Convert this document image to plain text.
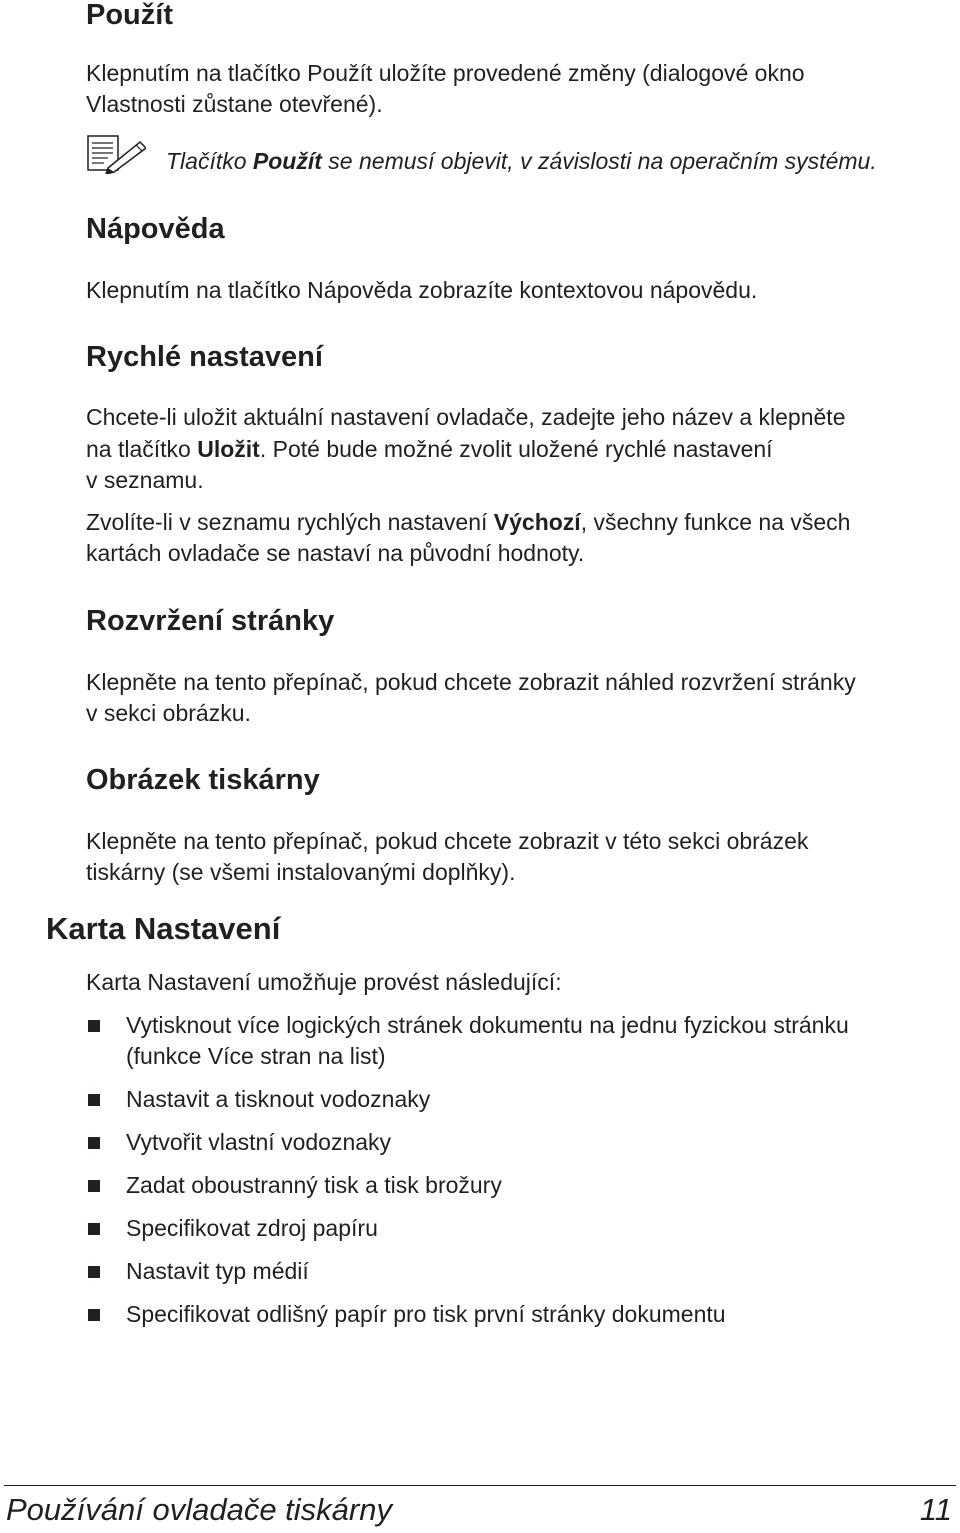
Použít

Klepnutím na tlačítko Použít uložíte provedené změny (dialogové okno

Vlastnosti zůstane otevřené).

Tlačítko Použít se nemusí objevit, v závislosti na operačním systému.
Nápověda

Klepnutím na tlačítko Nápověda zobrazíte kontextovou nápovědu.

Rychlé nastavení

Chcete-li uložit aktuální nastavení ovladače, zadejte jeho název a klepněte

na tlačítko Uložit. Poté bude možné zvolit uložené rychlé nastavení

v seznamu.

Zvolíte-li v seznamu rychlých nastavení Výchozí, všechny funkce na všech

kartách ovladače se nastaví na původní hodnoty.

Rozvržení stránky

Klepněte na tento přepínač, pokud chcete zobrazit náhled rozvržení stránky

v sekci obrázku.

Obrázek tiskárny

Klepněte na tento přepínač, pokud chcete zobrazit v této sekci obrázek

tiskárny (se všemi instalovanými doplňky).

Karta Nastavení

Karta Nastavení umožňuje provést následující:

Vytisknout více logických stránek dokumentu na jednu fyzickou stránku
(funkce Více stran na list)
Nastavit a tisknout vodoznaky
Vytvořit vlastní vodoznaky
Zadat oboustranný tisk a tisk brožury
Specifikovat zdroj papíru
Nastavit typ médií
Specifikovat odlišný papír pro tisk první stránky dokumentu
Používání ovladače tiskárny	11
